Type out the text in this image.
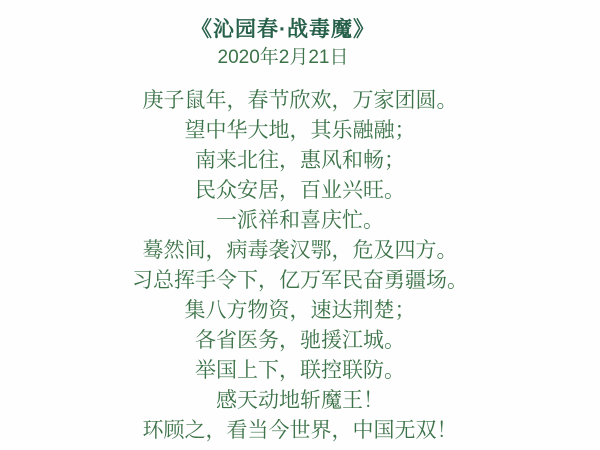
《沁园春·战毒魔》
2020年2月21日
庚子鼠年，春节欣欢，万家团圆。
望中华大地，其乐融融；
南来北往，惠风和畅；
民众安居，百业兴旺。
一派祥和喜庆忙。
蓦然间，病毒袭汉鄂，危及四方。
习总挥手令下，亿万军民奋勇疆场。
集八方物资，速达荆楚；
各省医务，驰援江城。
举国上下，联控联防。
感天动地斩魔王！
环顾之，看当今世界，中国无双！
